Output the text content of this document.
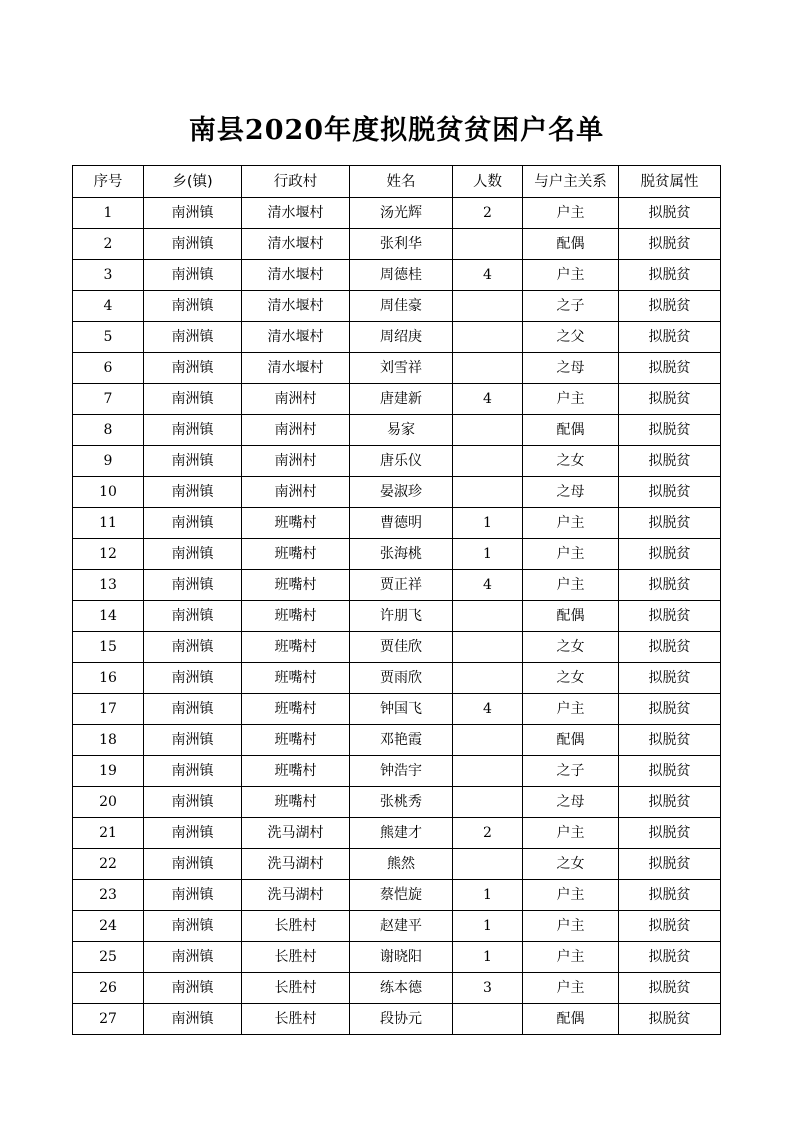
南县2020年度拟脱贫贫困户名单
序号	乡(镇)	行政村	姓名	人数	与户主关系	脱贫属性
1	南洲镇	清水堰村	汤光辉	2	户主	拟脱贫
2	南洲镇	清水堰村	张利华		配偶	拟脱贫
3	南洲镇	清水堰村	周德桂	4	户主	拟脱贫
4	南洲镇	清水堰村	周佳豪		之子	拟脱贫
5	南洲镇	清水堰村	周绍庚		之父	拟脱贫
6	南洲镇	清水堰村	刘雪祥		之母	拟脱贫
7	南洲镇	南洲村	唐建新	4	户主	拟脱贫
8	南洲镇	南洲村	易家		配偶	拟脱贫
9	南洲镇	南洲村	唐乐仪		之女	拟脱贫
10	南洲镇	南洲村	晏淑珍		之母	拟脱贫
11	南洲镇	班嘴村	曹德明	1	户主	拟脱贫
12	南洲镇	班嘴村	张海桃	1	户主	拟脱贫
13	南洲镇	班嘴村	贾正祥	4	户主	拟脱贫
14	南洲镇	班嘴村	许朋飞		配偶	拟脱贫
15	南洲镇	班嘴村	贾佳欣		之女	拟脱贫
16	南洲镇	班嘴村	贾雨欣		之女	拟脱贫
17	南洲镇	班嘴村	钟国飞	4	户主	拟脱贫
18	南洲镇	班嘴村	邓艳霞		配偶	拟脱贫
19	南洲镇	班嘴村	钟浩宇		之子	拟脱贫
20	南洲镇	班嘴村	张桃秀		之母	拟脱贫
21	南洲镇	洗马湖村	熊建才	2	户主	拟脱贫
22	南洲镇	洗马湖村	熊然		之女	拟脱贫
23	南洲镇	洗马湖村	蔡恺旋	1	户主	拟脱贫
24	南洲镇	长胜村	赵建平	1	户主	拟脱贫
25	南洲镇	长胜村	谢晓阳	1	户主	拟脱贫
26	南洲镇	长胜村	练本德	3	户主	拟脱贫
27	南洲镇	长胜村	段协元		配偶	拟脱贫
